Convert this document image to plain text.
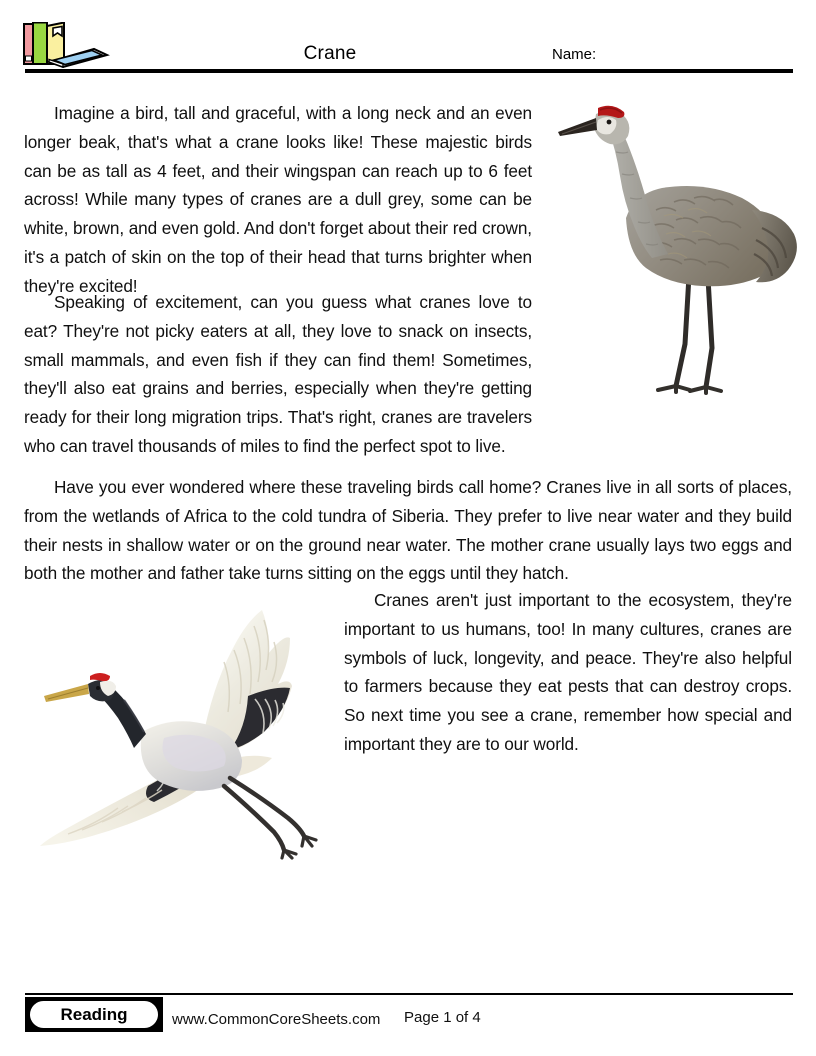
Crane	Name:
Imagine a bird, tall and graceful, with a long neck and an even longer beak, that's what a crane looks like! These majestic birds can be as tall as 4 feet, and their wingspan can reach up to 6 feet across! While many types of cranes are a dull grey, some can be white, brown, and even gold. And don't forget about their red crown, it's a patch of skin on the top of their head that turns brighter when they're excited!
Speaking of excitement, can you guess what cranes love to eat? They're not picky eaters at all, they love to snack on insects, small mammals, and even fish if they can find them! Sometimes, they'll also eat grains and berries, especially when they're getting ready for their long migration trips. That's right, cranes are travelers who can travel thousands of miles to find the perfect spot to live.
Have you ever wondered where these traveling birds call home? Cranes live in all sorts of places, from the wetlands of Africa to the cold tundra of Siberia. They prefer to live near water and they build their nests in shallow water or on the ground near water. The mother crane usually lays two eggs and both the mother and father take turns sitting on the eggs until they hatch.
Cranes aren't just important to the ecosystem, they're important to us humans, too! In many cultures, cranes are symbols of luck, longevity, and peace. They're also helpful to farmers because they eat pests that can destroy crops. So next time you see a crane, remember how special and important they are to our world.
Reading	www.CommonCoreSheets.com Page 1 of 4
